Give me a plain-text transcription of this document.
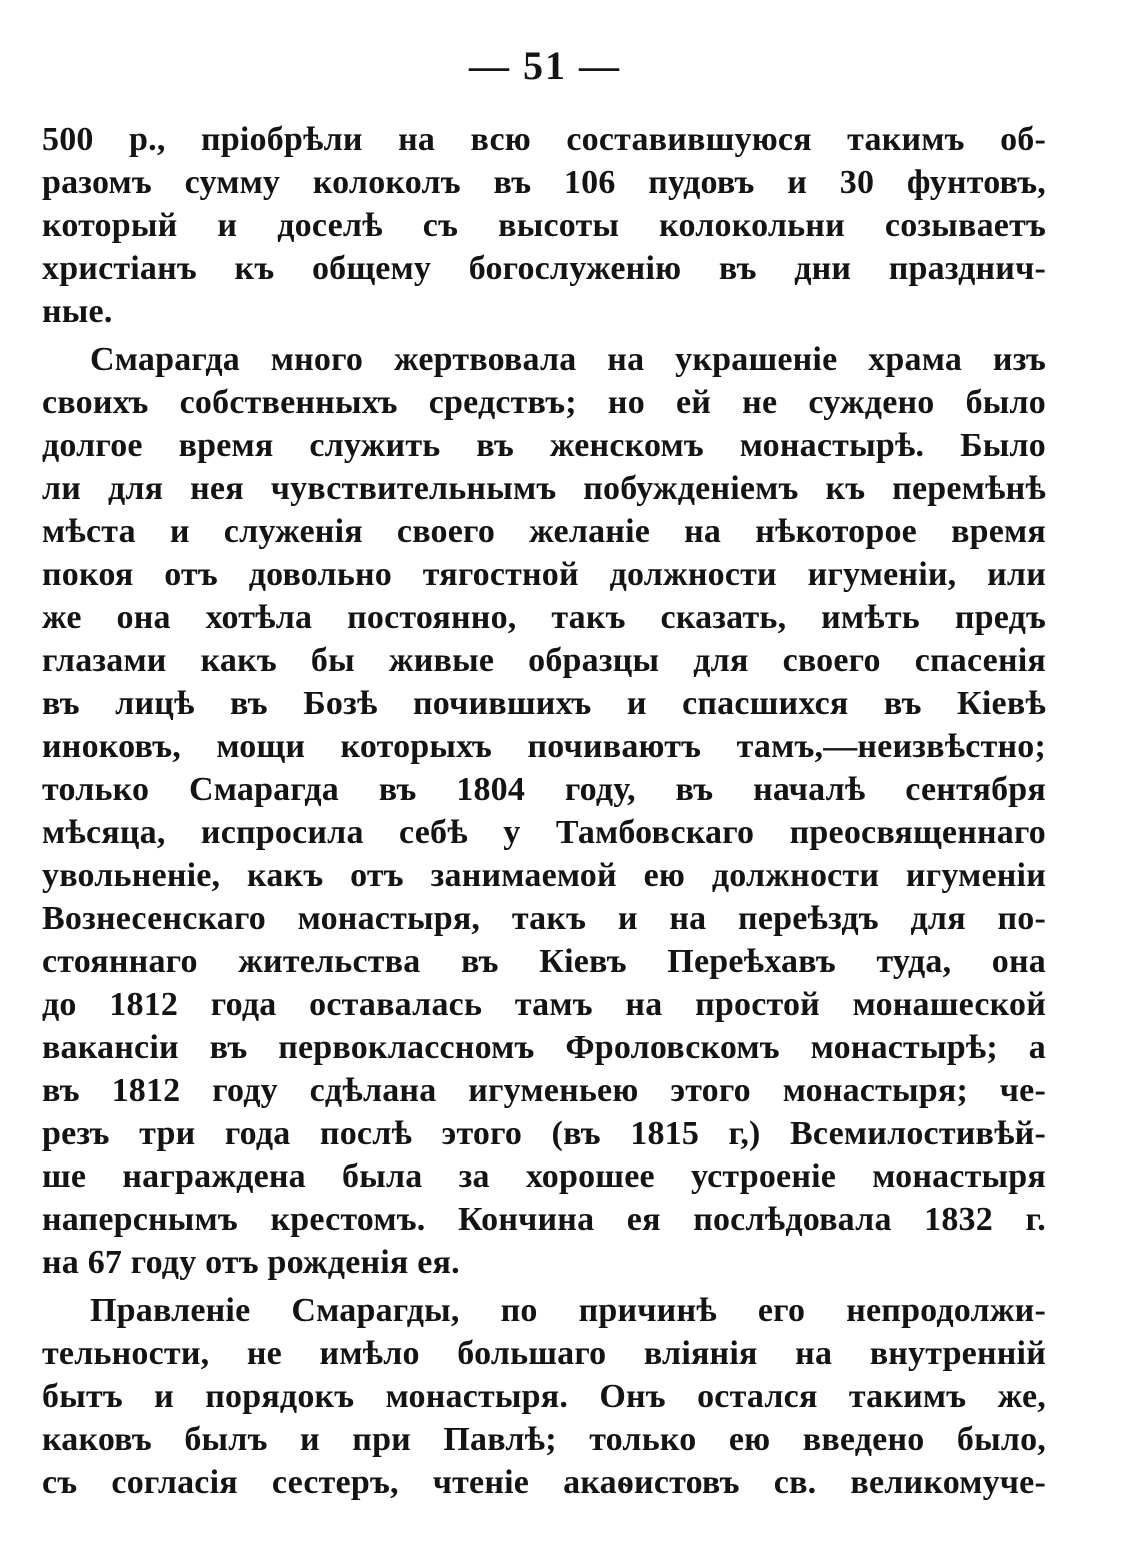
— 51 —
500 р., пріобрѣли на всю составившуюся такимъ об-
разомъ сумму колоколъ въ 106 пудовъ и 30 фунтовъ,
который и доселѣ съ высоты колокольни созываетъ
христіанъ къ общему богослуженію въ дни празднич-
ные.
Смарагда много жертвовала на украшеніе храма изъ
своихъ собственныхъ средствъ; но ей не суждено было
долгое время служить въ женскомъ монастырѣ. Было
ли для нея чувствительнымъ побужденіемъ къ перемѣнѣ
мѣста и служенія своего желаніе на нѣкоторое время
покоя отъ довольно тягостной должности игуменіи, или
же она хотѣла постоянно, такъ сказать, имѣть предъ
глазами какъ бы живые образцы для своего спасенія
въ лицѣ въ Бозѣ почившихъ и спасшихся въ Кіевѣ
иноковъ, мощи которыхъ почиваютъ тамъ,—неизвѣстно;
только Смарагда въ 1804 году, въ началѣ сентября
мѣсяца, испросила себѣ у Тамбовскаго преосвященнаго
увольненіе, какъ отъ занимаемой ею должности игуменіи
Вознесенскаго монастыря, такъ и на переѣздъ для по-
стояннаго жительства въ Кіевъ Переѣхавъ туда, она
до 1812 года оставалась тамъ на простой монашеской
вакансіи въ первоклассномъ Фроловскомъ монастырѣ; а
въ 1812 году сдѣлана игуменьею этого монастыря; че-
резъ три года послѣ этого (въ 1815 г,) Всемилостивѣй-
ше награждена была за хорошее устроеніе монастыря
наперснымъ крестомъ. Кончина ея послѣдовала 1832 г.
на 67 году отъ рожденія ея.
Правленіе Смарагды, по причинѣ его непродолжи-
тельности, не имѣло большаго вліянія на внутренній
бытъ и порядокъ монастыря. Онъ остался такимъ же,
каковъ былъ и при Павлѣ; только ею введено было,
съ согласія сестеръ, чтеніе акаѳистовъ св. великомуче-
